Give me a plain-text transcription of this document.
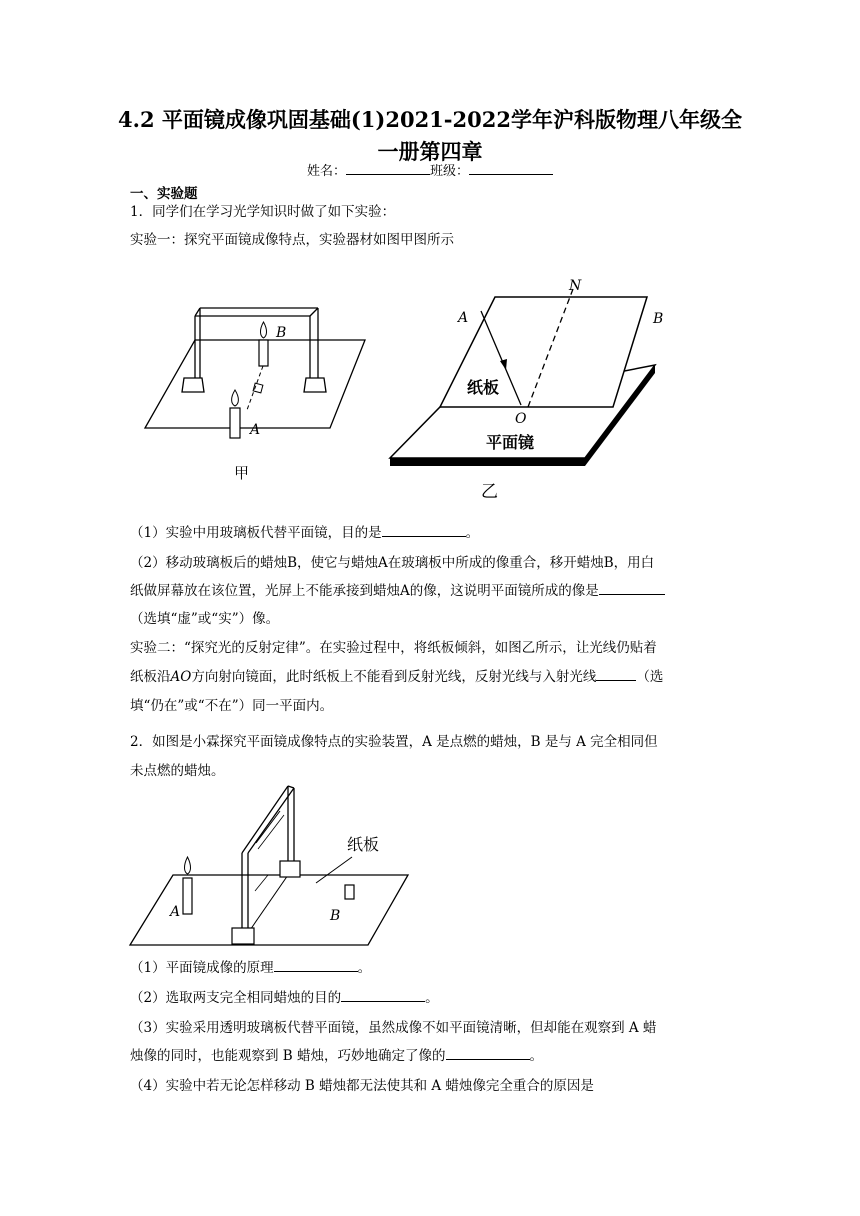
4.2 平面镜成像巩固基础(1)2021-2022学年沪科版物理八年级全
一册第四章
姓名：	班级：
一、实验题
1．同学们在学习光学知识时做了如下实验：
实验一：探究平面镜成像特点，实验器材如图甲图所示
B
A
甲
N
A	B
O
纸板
平面镜
乙
（1）实验中用玻璃板代替平面镜，目的是	。
（2）移动玻璃板后的蜡烛B，使它与蜡烛A在玻璃板中所成的像重合，移开蜡烛B，用白
纸做屏幕放在该位置，光屏上不能承接到蜡烛A的像，这说明平面镜所成的像是
（选填“虚”或“实”）像。
实验二：“探究光的反射定律”。在实验过程中，将纸板倾斜，如图乙所示，让光线仍贴着
纸板沿AO方向射向镜面，此时纸板上不能看到反射光线，反射光线与入射光线	（选
填“仍在”或“不在”）同一平面内。
2．如图是小霖探究平面镜成像特点的实验装置，A 是点燃的蜡烛，B 是与 A 完全相同但
未点燃的蜡烛。
A	B
纸板
（1）平面镜成像的原理	。
（2）选取两支完全相同蜡烛的目的	。
（3）实验采用透明玻璃板代替平面镜，虽然成像不如平面镜清晰，但却能在观察到 A 蜡
烛像的同时，也能观察到 B 蜡烛，巧妙地确定了像的	。
（4）实验中若无论怎样移动 B 蜡烛都无法使其和 A 蜡烛像完全重合的原因是
